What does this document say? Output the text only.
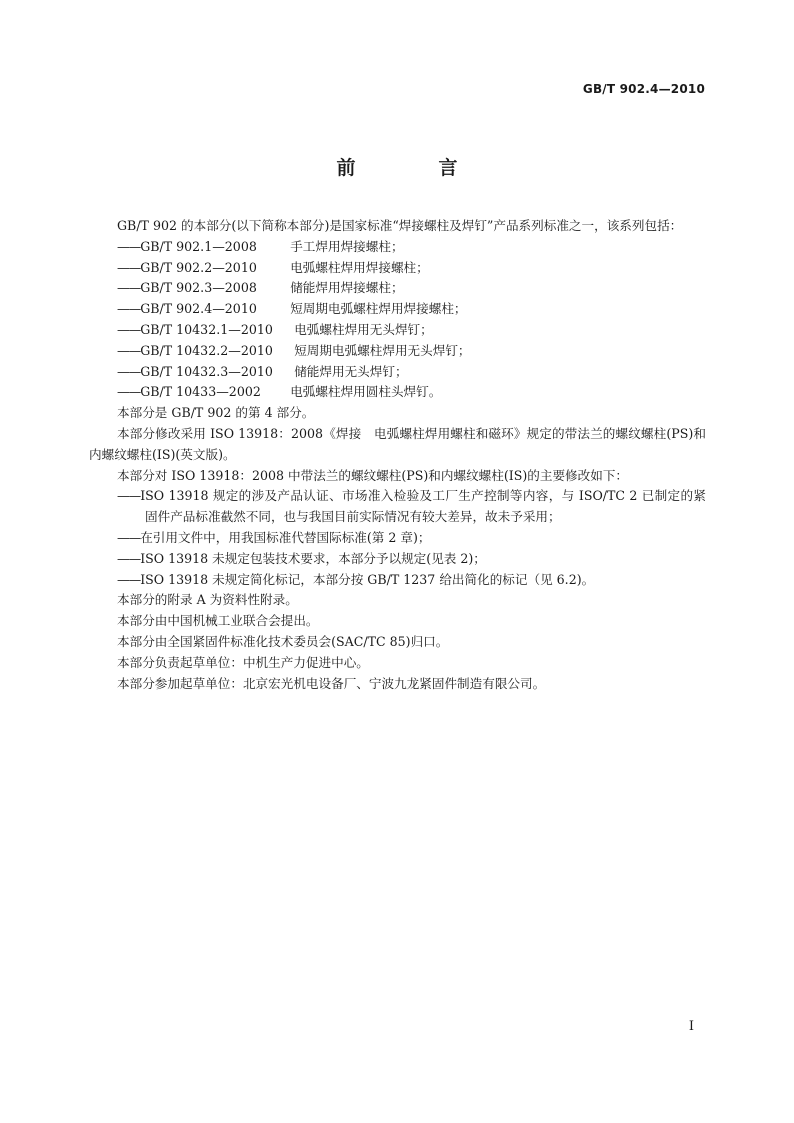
GB/T 902.4—2010
前　言

GB/T 902 的本部分(以下简称本部分)是国家标准“焊接螺柱及焊钉”产品系列标准之一，该系列包括：

——GB/T 902.1—2008	手工焊用焊接螺柱；
——GB/T 902.2—2010	电弧螺柱焊用焊接螺柱；
——GB/T 902.3—2008	储能焊用焊接螺柱；
——GB/T 902.4—2010	短周期电弧螺柱焊用焊接螺柱；
——GB/T 10432.1—2010 电弧螺柱焊用无头焊钉；
——GB/T 10432.2—2010 短周期电弧螺柱焊用无头焊钉；
——GB/T 10432.3—2010 储能焊用无头焊钉；
——GB/T 10433—2002 电弧螺柱焊用圆柱头焊钉。

本部分是 GB/T 902 的第 4 部分。

本部分修改采用 ISO 13918：2008《焊接　电弧螺柱焊用螺柱和磁环》规定的带法兰的螺纹螺柱(PS)和内螺纹螺柱(IS)(英文版)。

本部分对 ISO 13918：2008 中带法兰的螺纹螺柱(PS)和内螺纹螺柱(IS)的主要修改如下：

——ISO 13918 规定的涉及产品认证、市场准入检验及工厂生产控制等内容，与 ISO/TC 2 已制定的紧固件产品标准截然不同，也与我国目前实际情况有较大差异，故未予采用；
——在引用文件中，用我国标准代替国际标准(第 2 章)；
——ISO 13918 未规定包装技术要求，本部分予以规定(见表 2)；
——ISO 13918 未规定简化标记，本部分按 GB/T 1237 给出简化的标记（见 6.2)。

本部分的附录 A 为资料性附录。

本部分由中国机械工业联合会提出。

本部分由全国紧固件标准化技术委员会(SAC/TC 85)归口。

本部分负责起草单位：中机生产力促进中心。

本部分参加起草单位：北京宏光机电设备厂、宁波九龙紧固件制造有限公司。

I
